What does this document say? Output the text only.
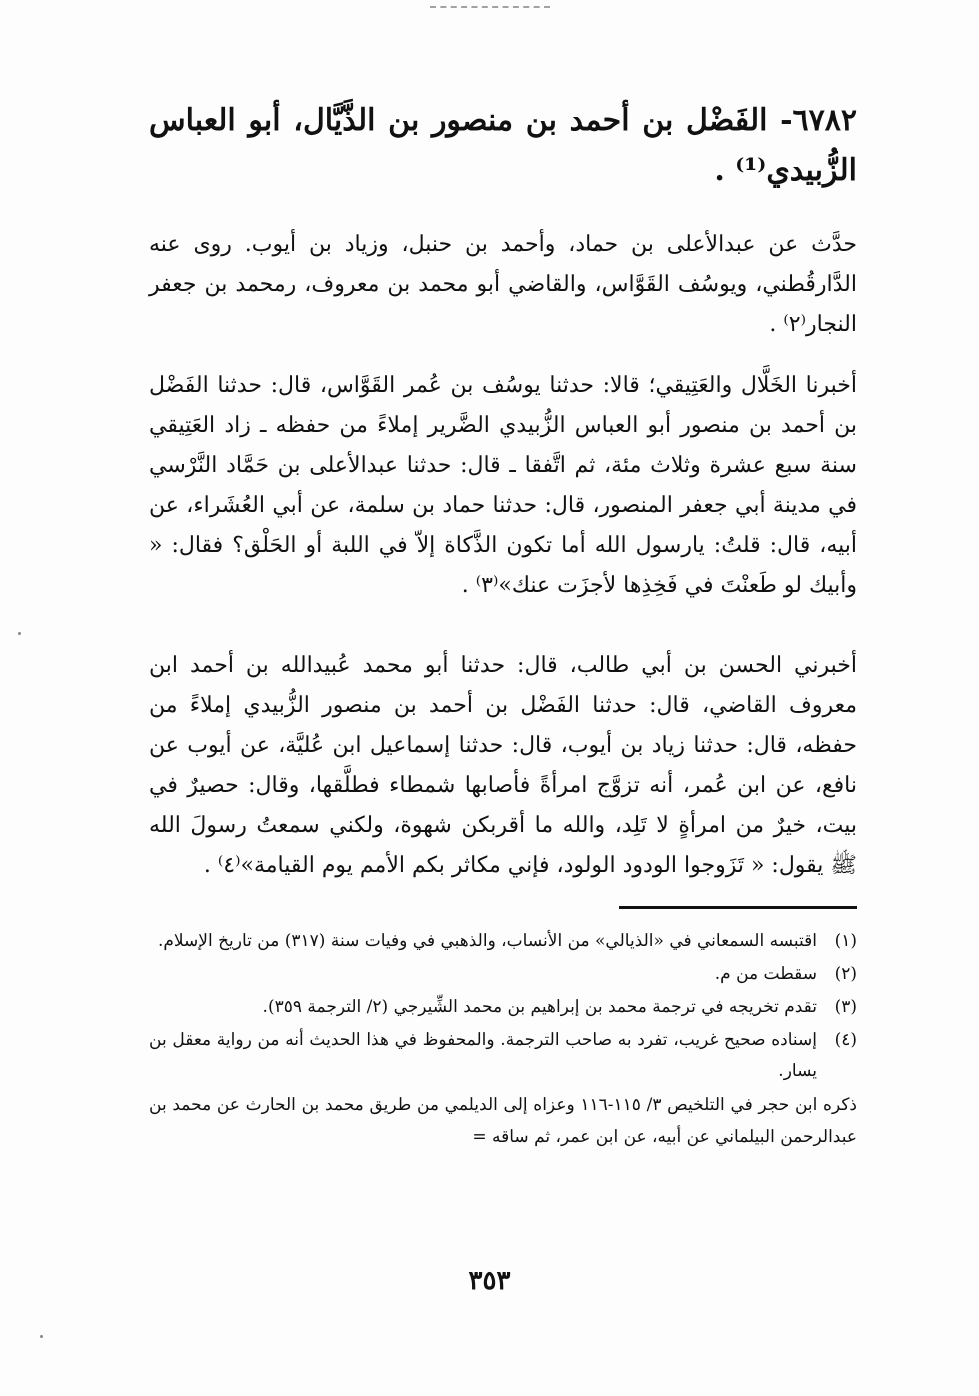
٦٧٨٢- الفَضْل بن أحمد بن منصور بن الذَّيَّال، أبو العباس الزُّبيدي⁽¹⁾ .
حدَّث عن عبدالأعلى بن حماد، وأحمد بن حنبل، وزياد بن أيوب. روى عنه الدَّارقُطني، ويوسُف القَوَّاس، والقاضي أبو محمد بن معروف، رمحمد بن جعفر النجار⁽٢⁾ .
أخبرنا الخَلَّال والعَتِيقي؛ قالا: حدثنا يوسُف بن عُمر القَوَّاس، قال: حدثنا الفَضْل بن أحمد بن منصور أبو العباس الزُّبيدي الضَّرير إملاءً من حفظه ـ زاد العَتِيقي سنة سبع عشرة وثلاث مئة، ثم اتَّفقا ـ قال: حدثنا عبدالأعلى بن حَمَّاد النَّرْسي في مدينة أبي جعفر المنصور، قال: حدثنا حماد بن سلمة، عن أبي العُشَراء، عن أبيه، قال: قلتُ: يارسول الله أما تكون الذَّكاة إلاّ في اللبة أو الحَلْق؟ فقال: « وأبيك لو طَعنْتَ في فَخِذِها لأجزَت عنك»⁽٣⁾ .
أخبرني الحسن بن أبي طالب، قال: حدثنا أبو محمد عُبيدالله بن أحمد ابن معروف القاضي، قال: حدثنا الفَضْل بن أحمد بن منصور الزُّبيدي إملاءً من حفظه، قال: حدثنا زياد بن أيوب، قال: حدثنا إسماعيل ابن عُليَّة، عن أيوب عن نافع، عن ابن عُمر، أنه تزوَّج امرأةً فأصابها شمطاء فطلَّقها، وقال: حصيرٌ في بيت، خيرٌ من امرأةٍ لا تَلِد، والله ما أقربكن شهوة، ولكني سمعتُ رسولَ الله ﷺ يقول: « تَزَوجوا الودود الولود، فإني مكاثر بكم الأمم يوم القيامة»⁽٤⁾ .
(١)
اقتبسه السمعاني في «الذيالي» من الأنساب، والذهبي في وفيات سنة (٣١٧) من تاريخ الإسلام.
(٢)
سقطت من م.
(٣)
تقدم تخريجه في ترجمة محمد بن إبراهيم بن محمد الشِّيرجي (٢/ الترجمة ٣٥٩).
(٤)
إسناده صحيح غريب، تفرد به صاحب الترجمة. والمحفوظ في هذا الحديث أنه من رواية معقل بن يسار.
ذكره ابن حجر في التلخيص ٣/ ١١٥-١١٦ وعزاه إلى الديلمي من طريق محمد بن الحارث عن محمد بن عبدالرحمن البيلماني عن أبيه، عن ابن عمر، ثم ساقه =
٣٥٣
